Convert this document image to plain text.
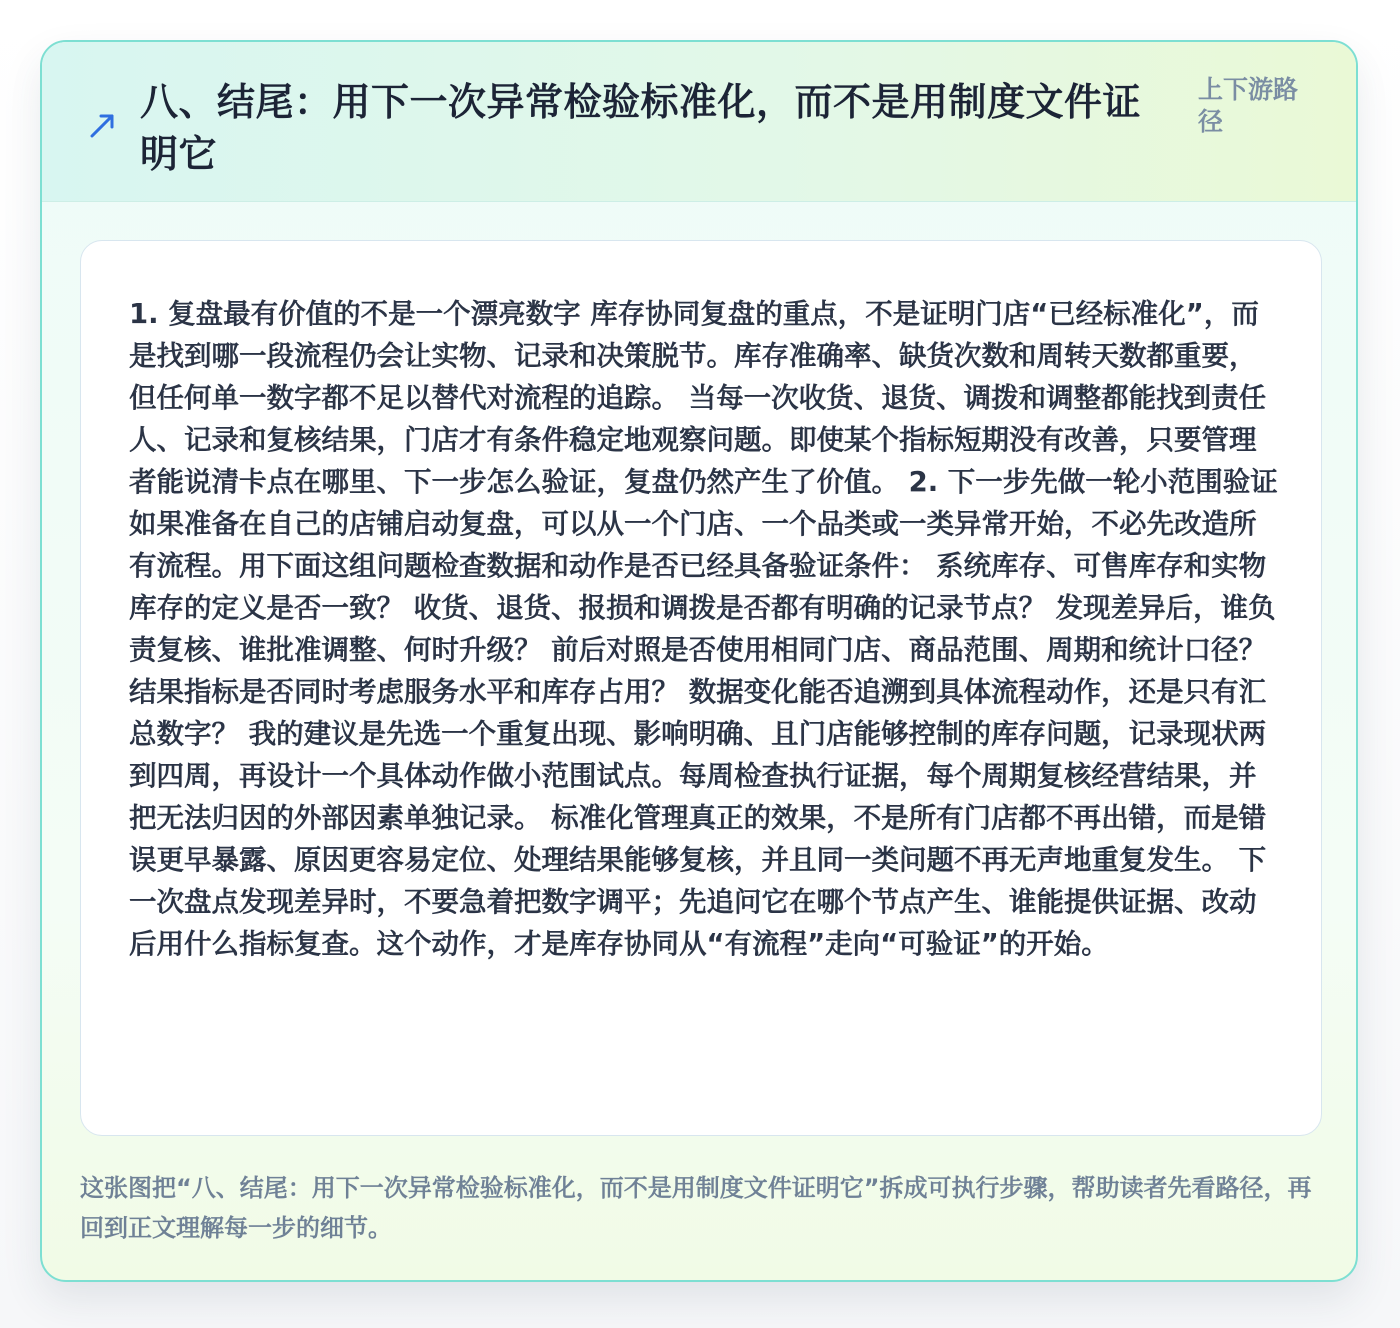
八、结尾：用下一次异常检验标准化，而不是用制度文件证明它
上下游路径

1. 复盘最有价值的不是一个漂亮数字 库存协同复盘的重点，不是证明门店“已经标准化”，而是找到哪一段流程仍会让实物、记录和决策脱节。库存准确率、缺货次数和周转天数都重要，但任何单一数字都不足以替代对流程的追踪。 当每一次收货、退货、调拨和调整都能找到责任人、记录和复核结果，门店才有条件稳定地观察问题。即使某个指标短期没有改善，只要管理者能说清卡点在哪里、下一步怎么验证，复盘仍然产生了价值。 2. 下一步先做一轮小范围验证 如果准备在自己的店铺启动复盘，可以从一个门店、一个品类或一类异常开始，不必先改造所有流程。用下面这组问题检查数据和动作是否已经具备验证条件： 系统库存、可售库存和实物库存的定义是否一致？ 收货、退货、报损和调拨是否都有明确的记录节点？ 发现差异后，谁负责复核、谁批准调整、何时升级？ 前后对照是否使用相同门店、商品范围、周期和统计口径？ 结果指标是否同时考虑服务水平和库存占用？ 数据变化能否追溯到具体流程动作，还是只有汇总数字？ 我的建议是先选一个重复出现、影响明确、且门店能够控制的库存问题，记录现状两到四周，再设计一个具体动作做小范围试点。每周检查执行证据，每个周期复核经营结果，并把无法归因的外部因素单独记录。 标准化管理真正的效果，不是所有门店都不再出错，而是错误更早暴露、原因更容易定位、处理结果能够复核，并且同一类问题不再无声地重复发生。 下一次盘点发现差异时，不要急着把数字调平；先追问它在哪个节点产生、谁能提供证据、改动后用什么指标复查。这个动作，才是库存协同从“有流程”走向“可验证”的开始。

这张图把“八、结尾：用下一次异常检验标准化，而不是用制度文件证明它”拆成可执行步骤，帮助读者先看路径，再回到正文理解每一步的细节。
